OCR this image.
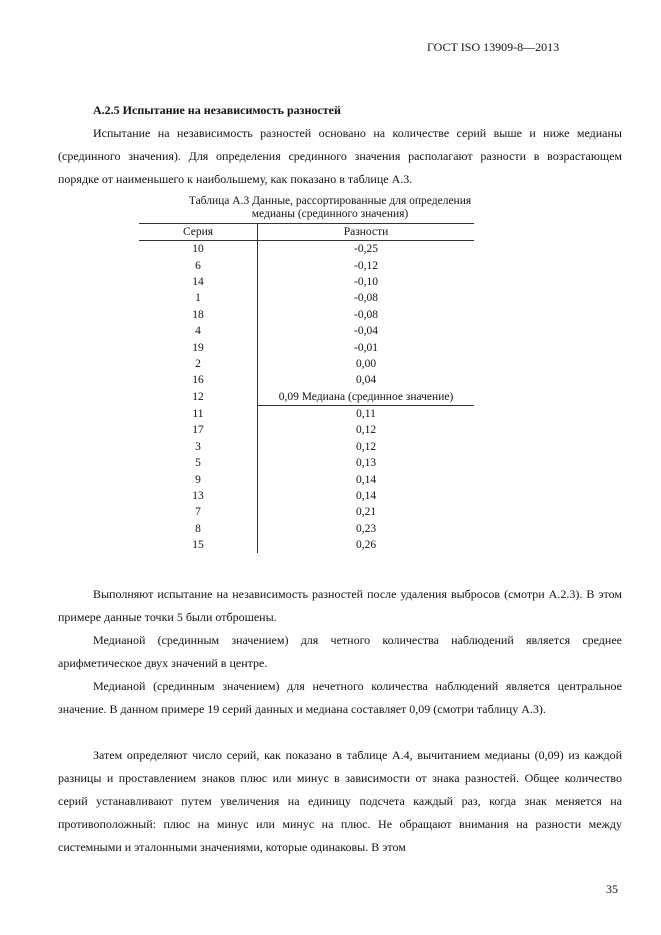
ГОСТ ISO 13909-8—2013
А.2.5 Испытание на независимость разностей

Испытание на независимость разностей основано на количестве серий выше и ниже медианы (срединного значения). Для определения срединного значения располагают разности в возрастающем порядке от наименьшего к наибольшему, как показано в таблице А.3.

Таблица А.3 Данные, рассортированные для определения
медианы (срединного значения)
Серия	Разности
10	-0,25
6	-0,12
14	-0,10
1	-0,08
18	-0,08
4	-0,04
19	-0,01
2	0,00
16	0,04
12	0,09 Медиана (срединное значение)
11	0,11
17	0,12
3	0,12
5	0,13
9	0,14
13	0,14
7	0,21
8	0,23
15	0,26

Выполняют испытание на независимость разностей после удаления выбросов (смотри А.2.3). В этом примере данные точки 5 были отброшены.

Медианой (срединным значением) для четного количества наблюдений является среднее арифметическое двух значений в центре.

Медианой (срединным значением) для нечетного количества наблюдений является центральное значение. В данном примере 19 серий данных и медиана составляет 0,09 (смотри таблицу А.3).

Затем определяют число серий, как показано в таблице А.4, вычитанием медианы (0,09) из каждой разницы и проставлением знаков плюс или минус в зависимости от знака разностей. Общее количество серий устанавливают путем увеличения на единицу подсчета каждый раз, когда знак меняется на противоположный: плюс на минус или минус на плюс. Не обращают внимания на разности между системными и эталонными значениями, которые одинаковы. В этом

35
